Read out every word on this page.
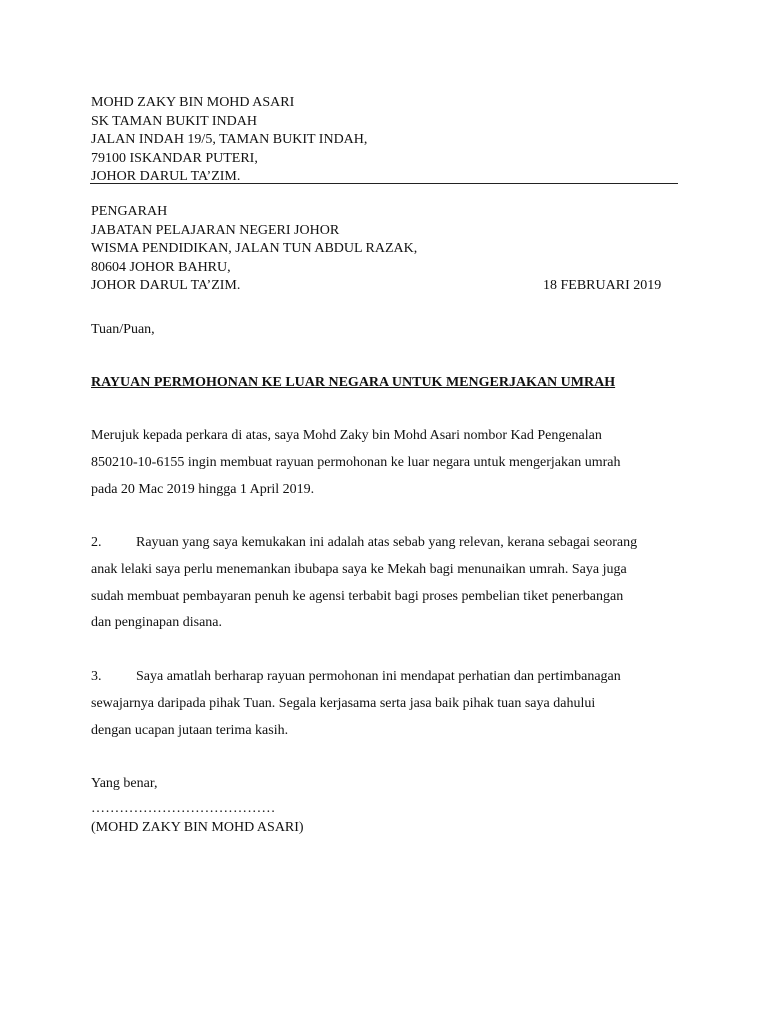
MOHD ZAKY BIN MOHD ASARI
SK TAMAN BUKIT INDAH
JALAN INDAH 19/5, TAMAN BUKIT INDAH,
79100 ISKANDAR PUTERI,
JOHOR DARUL TA’ZIM.
PENGARAH
JABATAN PELAJARAN NEGERI JOHOR
WISMA PENDIDIKAN, JALAN TUN ABDUL RAZAK,
80604 JOHOR BAHRU,
JOHOR DARUL TA’ZIM.	18 FEBRUARI 2019
Tuan/Puan,
RAYUAN PERMOHONAN KE LUAR NEGARA UNTUK MENGERJAKAN UMRAH
Merujuk kepada perkara di atas, saya Mohd Zaky bin Mohd Asari nombor Kad Pengenalan
850210-10-6155 ingin membuat rayuan permohonan ke luar negara untuk mengerjakan umrah
pada 20 Mac 2019 hingga 1 April 2019.
2. Rayuan yang saya kemukakan ini adalah atas sebab yang relevan, kerana sebagai seorang
anak lelaki saya perlu menemankan ibubapa saya ke Mekah bagi menunaikan umrah. Saya juga
sudah membuat pembayaran penuh ke agensi terbabit bagi proses pembelian tiket penerbangan
dan penginapan disana.
3. Saya amatlah berharap rayuan permohonan ini mendapat perhatian dan pertimbanagan
sewajarnya daripada pihak Tuan. Segala kerjasama serta jasa baik pihak tuan saya dahului
dengan ucapan jutaan terima kasih.
Yang benar,
…………………………………
(MOHD ZAKY BIN MOHD ASARI)
